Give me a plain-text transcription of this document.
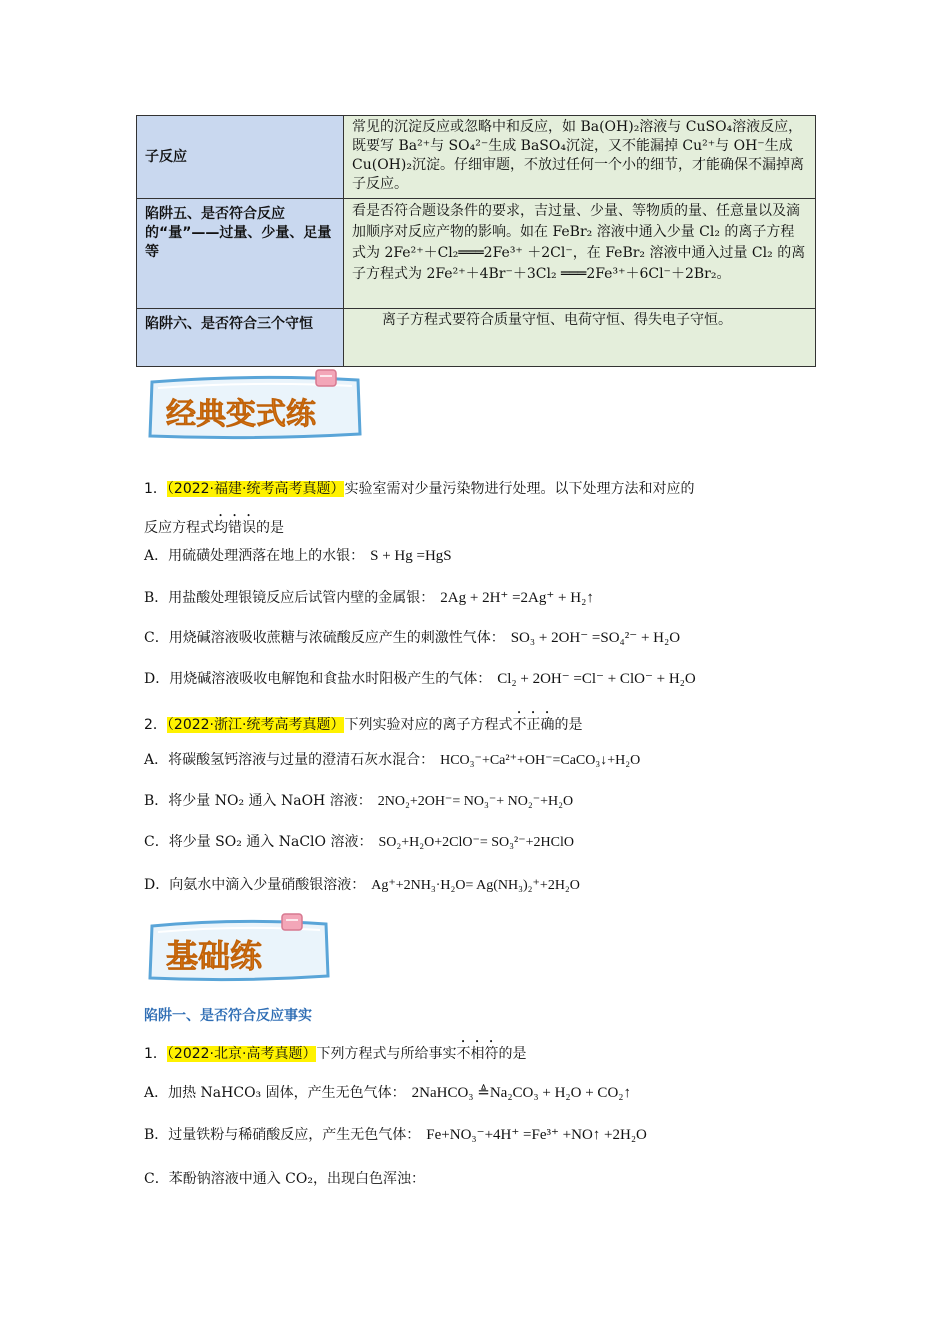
子反应	常见的沉淀反应或忽略中和反应，如 Ba(OH)₂溶液与 CuSO₄溶液反应，既要写 Ba²⁺与 SO₄²⁻生成 BaSO₄沉淀，又不能漏掉 Cu²⁺与 OH⁻生成 Cu(OH)₂沉淀。仔细审题，不放过任何一个小的细节，才能确保不漏掉离子反应。
陷阱五、是否符合反应的“量”——过量、少量、足量等	看是否符合题设条件的要求，吉过量、少量、等物质的量、任意量以及滴加顺序对反应产物的影响。如在 FeBr₂ 溶液中通入少量 Cl₂ 的离子方程式为 2Fe²⁺＋Cl₂═══2Fe³⁺ ＋2Cl⁻，在 FeBr₂ 溶液中通入过量 Cl₂ 的离子方程式为 2Fe²⁺＋4Br⁻＋3Cl₂ ═══2Fe³⁺＋6Cl⁻＋2Br₂。
陷阱六、是否符合三个守恒	离子方程式要符合质量守恒、电荷守恒、得失电子守恒。
经典变式练
1．（2022·福建·统考高考真题）实验室需对少量污染物进行处理。以下处理方法和对应的
反应方程式均错误的是
A．用硫磺处理洒落在地上的水银： S + Hg =HgS
B．用盐酸处理银镜反应后试管内壁的金属银： 2Ag + 2H⁺ =2Ag⁺ + H₂↑
C．用烧碱溶液吸收蔗糖与浓硫酸反应产生的刺激性气体： SO₃ + 2OH⁻ =SO₄²⁻ + H₂O
D．用烧碱溶液吸收电解饱和食盐水时阳极产生的气体： Cl₂ + 2OH⁻ =Cl⁻ + ClO⁻ + H₂O
2．（2022·浙江·统考高考真题）下列实验对应的离子方程式不正确的是
A．将碳酸氢钙溶液与过量的澄清石灰水混合： HCO₃⁻+Ca²⁺+OH⁻=CaCO₃↓+H₂O
B．将少量 NO₂ 通入 NaOH 溶液： 2NO₂+2OH⁻= NO₃⁻+ NO₂⁻+H₂O
C．将少量 SO₂ 通入 NaClO 溶液： SO₂+H₂O+2ClO⁻= SO₃²⁻+2HClO
D．向氨水中滴入少量硝酸银溶液： Ag⁺+2NH₃·H₂O= Ag(NH₃)₂⁺+2H₂O
基础练
陷阱一、是否符合反应事实
1．（2022·北京·高考真题）下列方程式与所给事实不相符的是
A．加热 NaHCO₃ 固体，产生无色气体： 2NaHCO₃ ≜Na₂CO₃ + H₂O + CO₂↑
B．过量铁粉与稀硝酸反应，产生无色气体： Fe+NO₃⁻+4H⁺ =Fe³⁺ +NO↑ +2H₂O
C．苯酚钠溶液中通入 CO₂，出现白色浑浊：
